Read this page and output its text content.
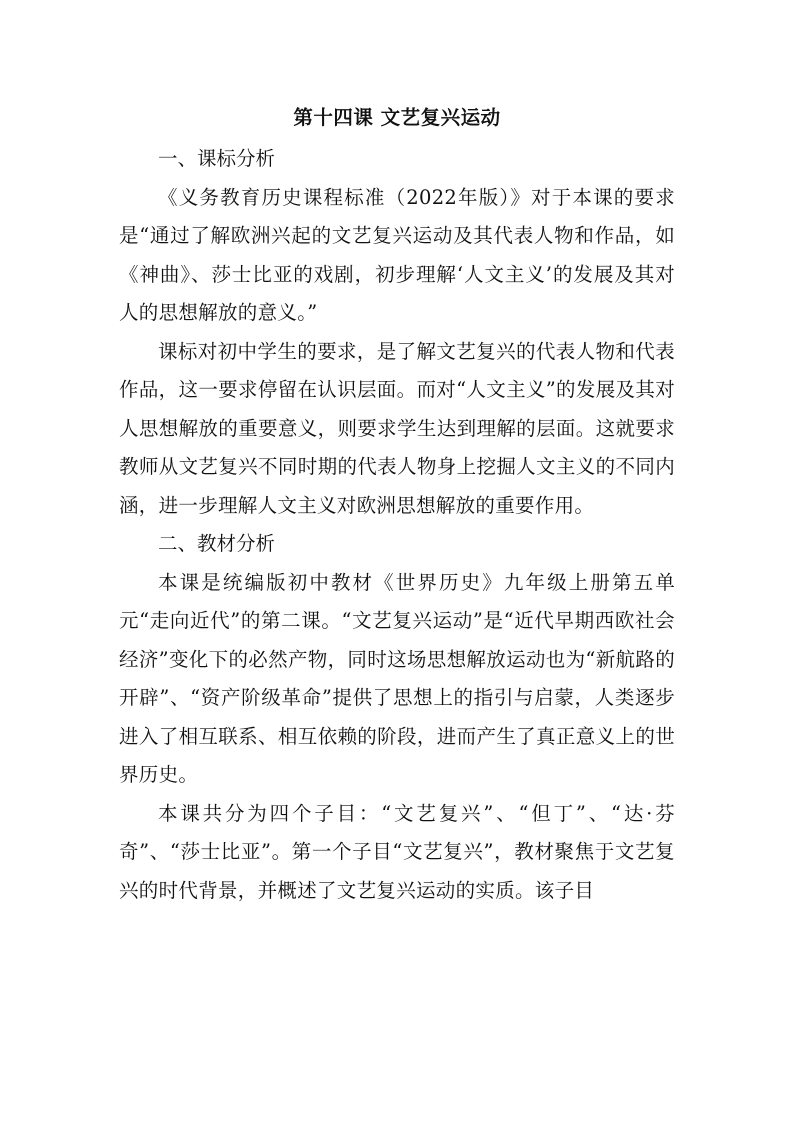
第十四课 文艺复兴运动

一、课标分析

《义务教育历史课程标准（2022年版）》对于本课的要求是“通过了解欧洲兴起的文艺复兴运动及其代表人物和作品，如《神曲》、莎士比亚的戏剧，初步理解‘人文主义’的发展及其对人的思想解放的意义。”

课标对初中学生的要求，是了解文艺复兴的代表人物和代表作品，这一要求停留在认识层面。而对“人文主义”的发展及其对人思想解放的重要意义，则要求学生达到理解的层面。这就要求教师从文艺复兴不同时期的代表人物身上挖掘人文主义的不同内涵，进一步理解人文主义对欧洲思想解放的重要作用。

二、教材分析

本课是统编版初中教材《世界历史》九年级上册第五单元“走向近代”的第二课。“文艺复兴运动”是“近代早期西欧社会经济”变化下的必然产物，同时这场思想解放运动也为“新航路的开辟”、“资产阶级革命”提供了思想上的指引与启蒙，人类逐步进入了相互联系、相互依赖的阶段，进而产生了真正意义上的世界历史。

本课共分为四个子目：“文艺复兴”、“但丁”、“达·芬奇”、“莎士比亚”。第一个子目“文艺复兴”，教材聚焦于文艺复兴的时代背景，并概述了文艺复兴运动的实质。该子目
